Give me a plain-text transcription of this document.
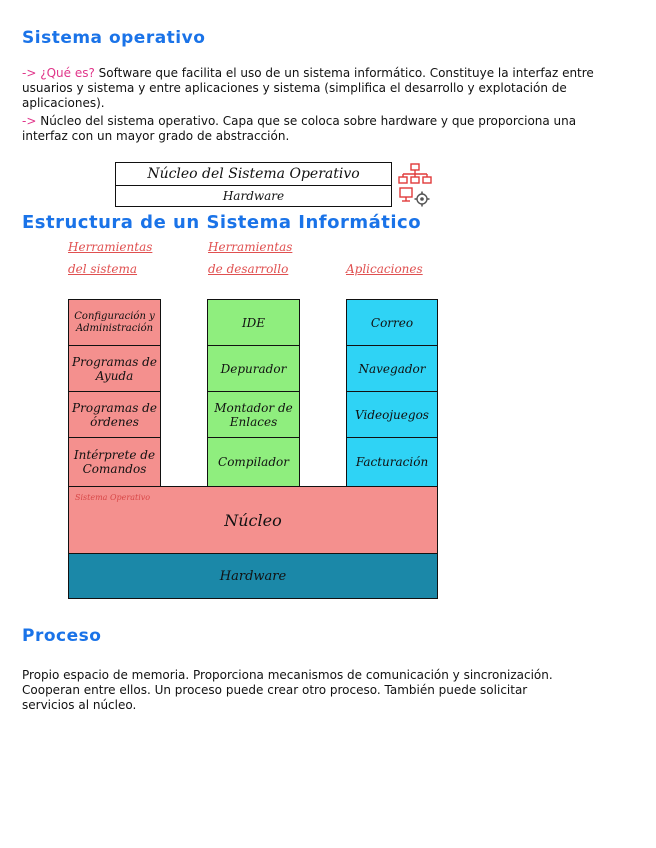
Sistema operativo
-> ¿Qué es? Software que facilita el uso de un sistema informático. Constituye la interfaz entre usuarios y sistema y entre aplicaciones y sistema (simplifica el desarrollo y explotación de aplicaciones).
-> Núcleo del sistema operativo. Capa que se coloca sobre hardware y que proporciona una interfaz con un mayor grado de abstracción.
Núcleo del Sistema Operativo
Hardware
Estructura de un Sistema Informático
Herramientas
del sistema
Herramientas
de desarrollo	Aplicaciones
Configuración y Administración
Programas de Ayuda
Programas de órdenes
Intérprete de Comandos
IDE
Depurador
Montador de Enlaces
Compilador
Correo
Navegador
Videojuegos
Facturación
Sistema Operativo
Núcleo
Hardware
Proceso
Propio espacio de memoria. Proporciona mecanismos de comunicación y sincronización. Cooperan entre ellos. Un proceso puede crear otro proceso. También puede solicitar servicios al núcleo.
